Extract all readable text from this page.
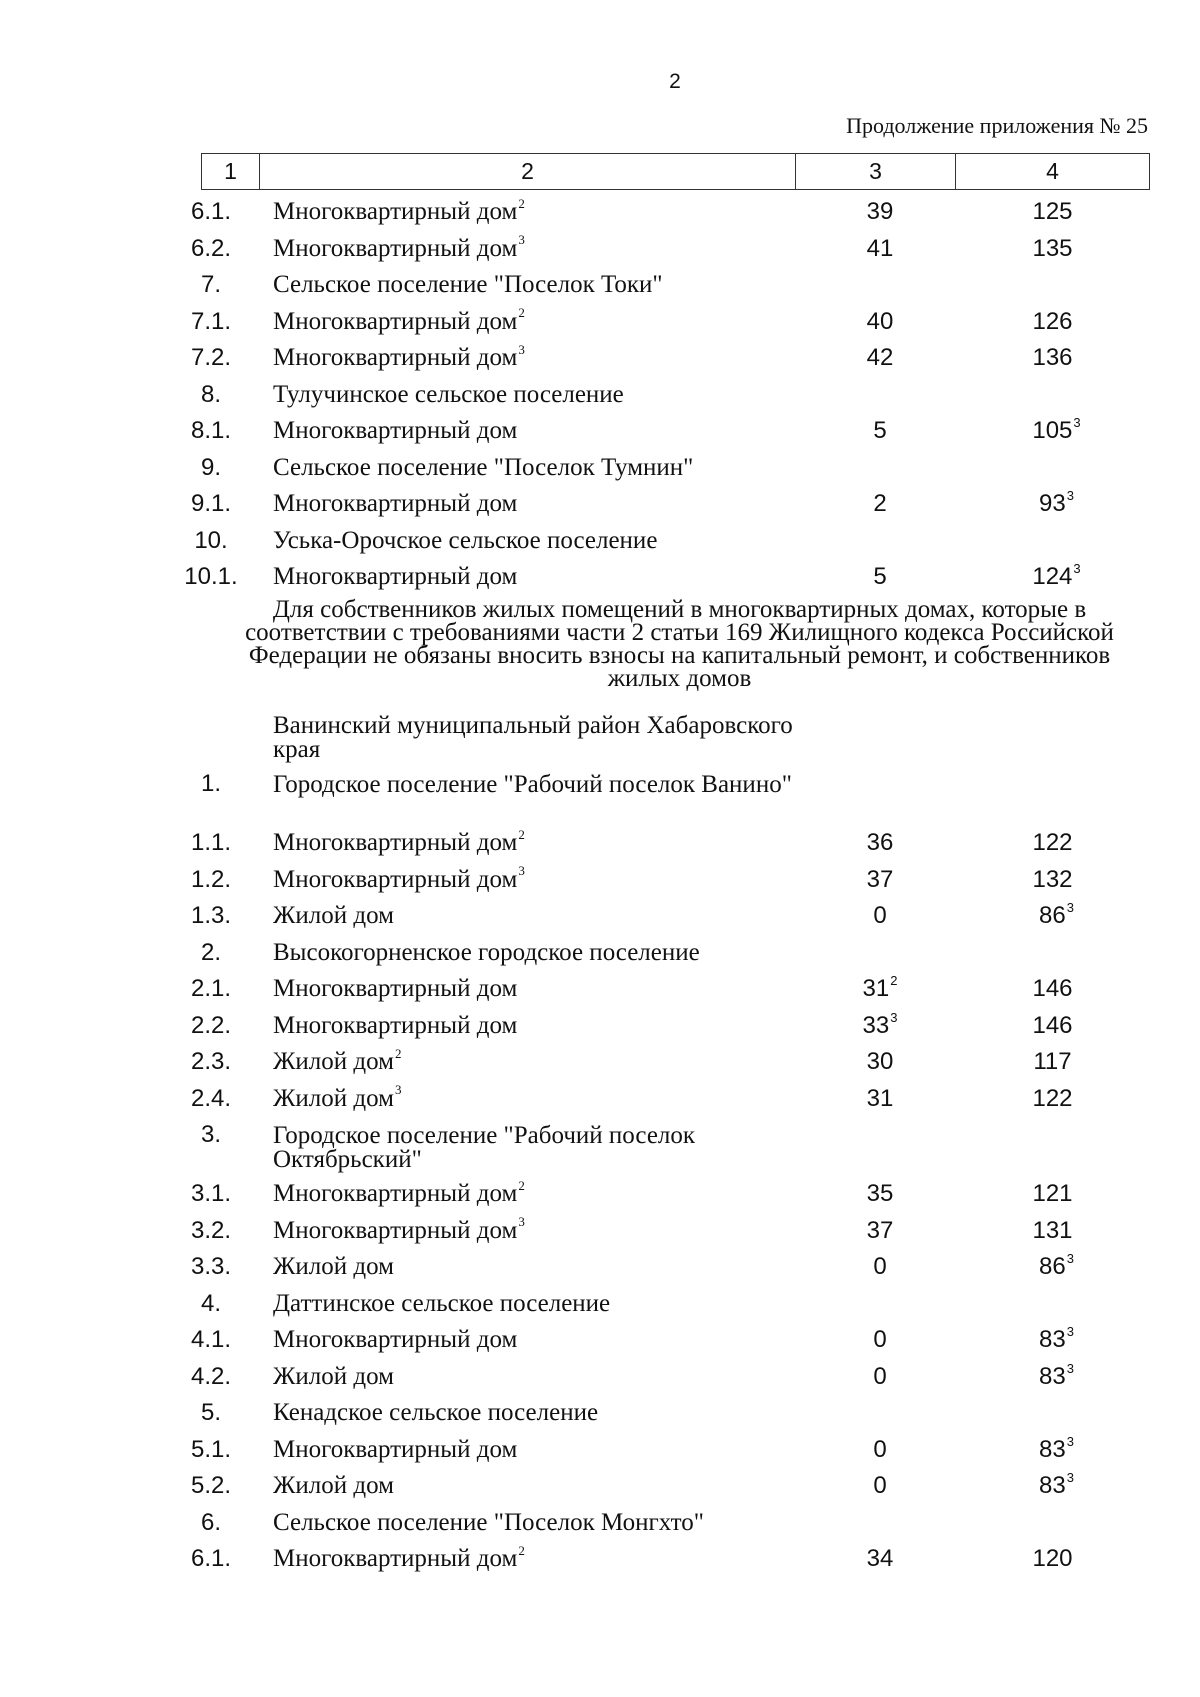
2
Продолжение приложения № 25
1	2	3	4
6.1.	Многоквартирный дом$^2$	39	125
6.2.	Многоквартирный дом$^3$	41	135
7.	Сельское поселение "Поселок Токи"
7.1.	Многоквартирный дом$^2$	40	126
7.2.	Многоквартирный дом$^3$	42	136
8.	Тулучинское сельское поселение
8.1.	Многоквартирный дом	5	$105^3$
9.	Сельское поселение "Поселок Тумнин"
9.1.	Многоквартирный дом	2	$93^3$
10.	Уська-Орочское сельское поселение
10.1.	Многоквартирный дом	5	$124^3$
Для собственников жилых помещений в многоквартирных домах, которые в соответствии с требованиями части 2 статьи 169 Жилищного кодекса Российской Федерации не обязаны вносить взносы на капитальный ремонт, и собственников жилых домов
Ванинский муниципальный район Хабаровского края
1.	Городское поселение "Рабочий поселок Ванино"
1.1.	Многоквартирный дом$^2$	36	122
1.2.	Многоквартирный дом$^3$	37	132
1.3.	Жилой дом	0	$86^3$
2.	Высокогорненское городское поселение
2.1.	Многоквартирный дом	$31^2$	146
2.2.	Многоквартирный дом	$33^3$	146
2.3.	Жилой дом$^2$	30	117
2.4.	Жилой дом$^3$	31	122
3.	Городское поселение "Рабочий поселок Октябрьский"
3.1.	Многоквартирный дом$^2$	35	121
3.2.	Многоквартирный дом$^3$	37	131
3.3.	Жилой дом	0	$86^3$
4.	Даттинское сельское поселение
4.1.	Многоквартирный дом	0	$83^3$
4.2.	Жилой дом	0	$83^3$
5.	Кенадское сельское поселение
5.1.	Многоквартирный дом	0	$83^3$
5.2.	Жилой дом	0	$83^3$
6.	Сельское поселение "Поселок Монгхто"
6.1.	Многоквартирный дом$^2$	34	120
